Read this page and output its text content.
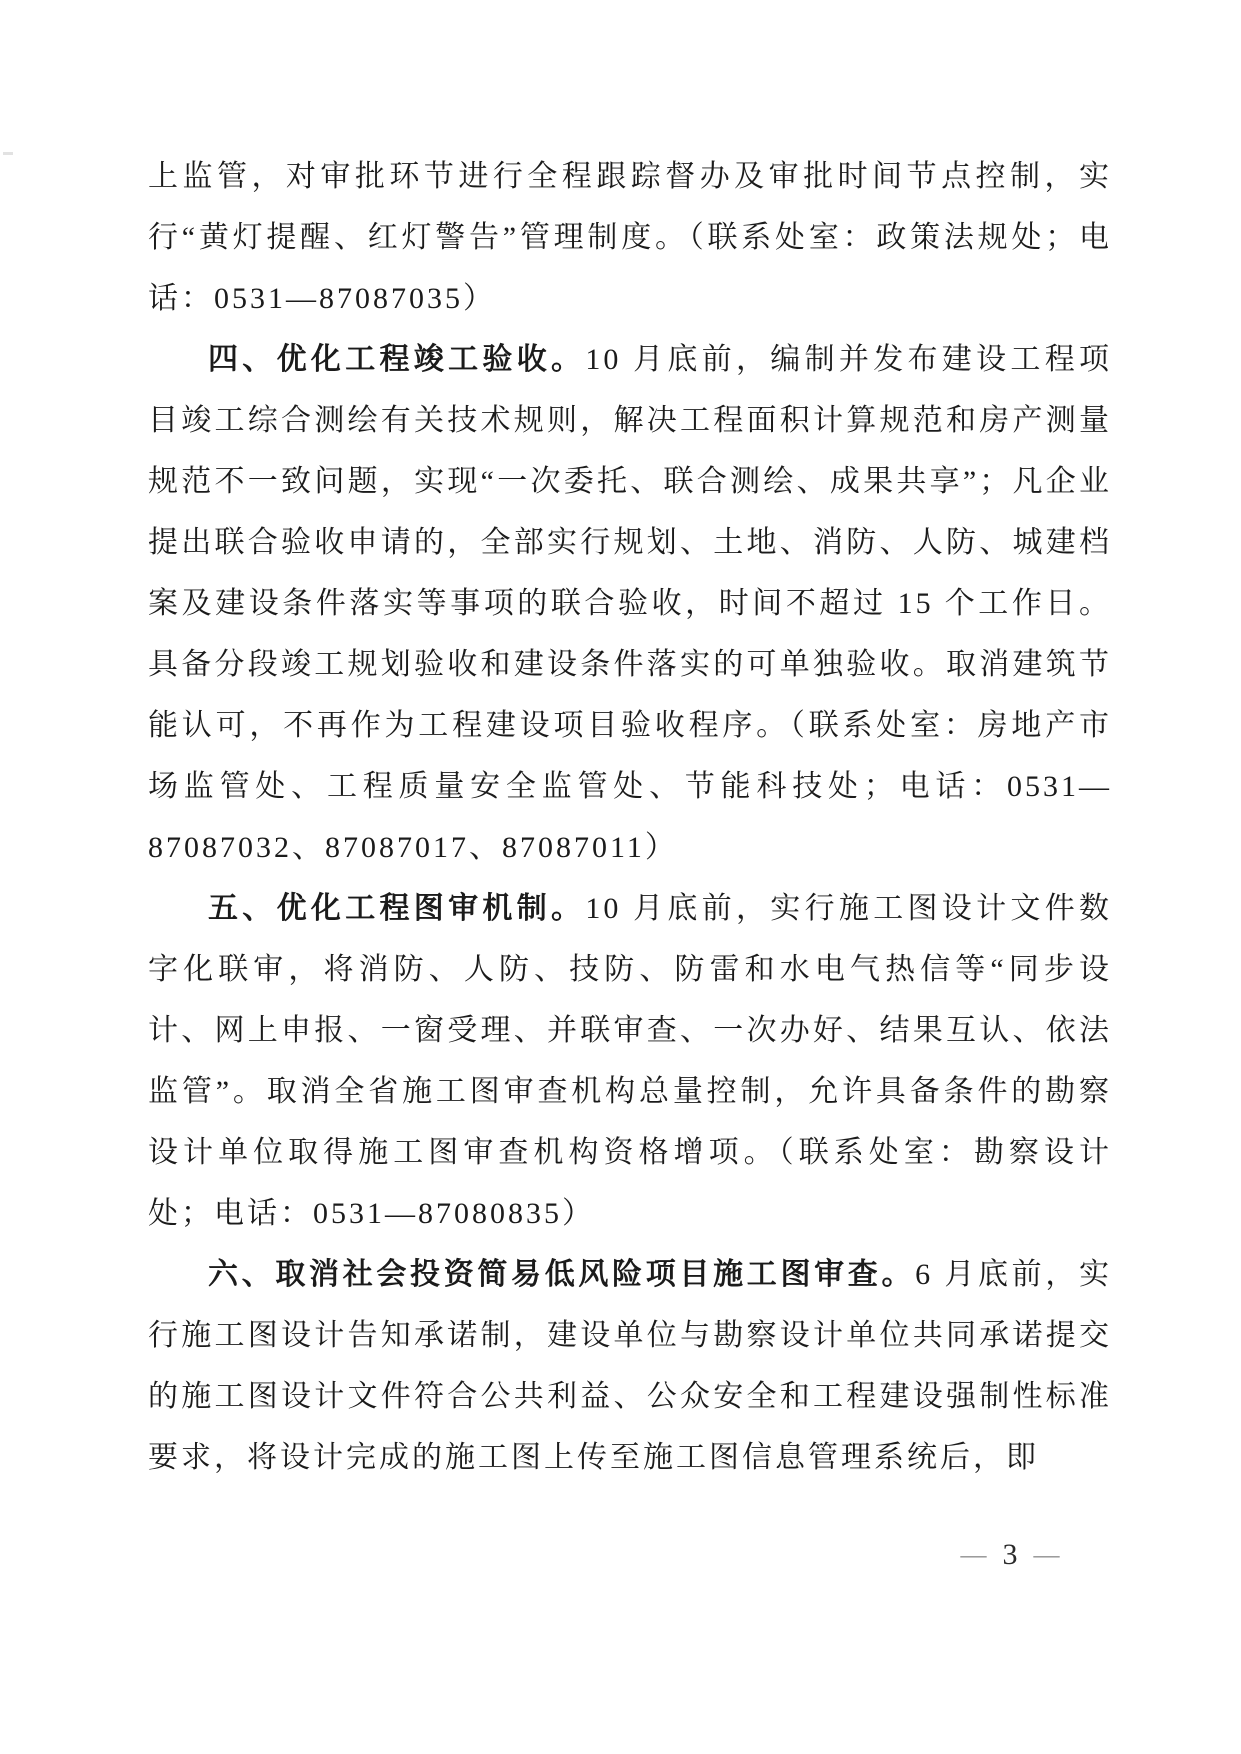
上监管，对审批环节进行全程跟踪督办及审批时间节点控制，实行“黄灯提醒、红灯警告”管理制度。（联系处室：政策法规处；电话：0531—87087035）

四、优化工程竣工验收。10 月底前，编制并发布建设工程项目竣工综合测绘有关技术规则，解决工程面积计算规范和房产测量规范不一致问题，实现“一次委托、联合测绘、成果共享”；凡企业提出联合验收申请的，全部实行规划、土地、消防、人防、城建档案及建设条件落实等事项的联合验收，时间不超过 15 个工作日。具备分段竣工规划验收和建设条件落实的可单独验收。取消建筑节能认可，不再作为工程建设项目验收程序。（联系处室：房地产市场监管处、工程质量安全监管处、节能科技处；电话：0531—87087032、87087017、87087011）

五、优化工程图审机制。10 月底前，实行施工图设计文件数字化联审，将消防、人防、技防、防雷和水电气热信等“同步设计、网上申报、一窗受理、并联审查、一次办好、结果互认、依法监管”。取消全省施工图审查机构总量控制，允许具备条件的勘察设计单位取得施工图审查机构资格增项。（联系处室：勘察设计处；电话：0531—87080835）

六、取消社会投资简易低风险项目施工图审查。6 月底前，实行施工图设计告知承诺制，建设单位与勘察设计单位共同承诺提交的施工图设计文件符合公共利益、公众安全和工程建设强制性标准要求，将设计完成的施工图上传至施工图信息管理系统后，即

— 3 —
